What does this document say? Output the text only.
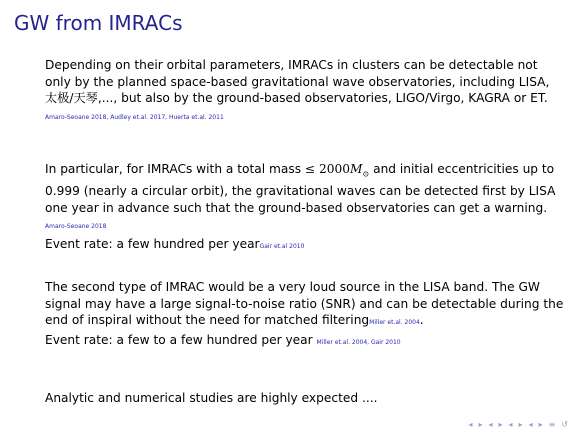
GW from IMRACs

Depending on their orbital parameters, IMRACs in clusters can be detectable not only by the planned space-based gravitational wave observatories, including LISA, 太极/天琴,..., but also by the ground-based observatories, LIGO/Virgo, KAGRA or ET. Amaro-Seoane 2018, Audley et.al. 2017, Huerta et.al. 2011

In particular, for IMRACs with a total mass ≤ $2000M_⊙$ and initial eccentricities up to 0.999 (nearly a circular orbit), the gravitational waves can be detected first by LISA one year in advance such that the ground-based observatories can get a warning. Amaro-Seoane 2018
Event rate: a few hundred per yearGair et.al 2010

The second type of IMRAC would be a very loud source in the LISA band. The GW signal may have a large signal-to-noise ratio (SNR) and can be detectable during the end of inspiral without the need for matched filteringMiller et.al. 2004.
Event rate: a few to a few hundred per year Miller et.al. 2004, Gair 2010

Analytic and numerical studies are highly expected ....

◂ ▸ ◂ ▸ ◂ ▸ ◂ ▸ ≡ ↺
